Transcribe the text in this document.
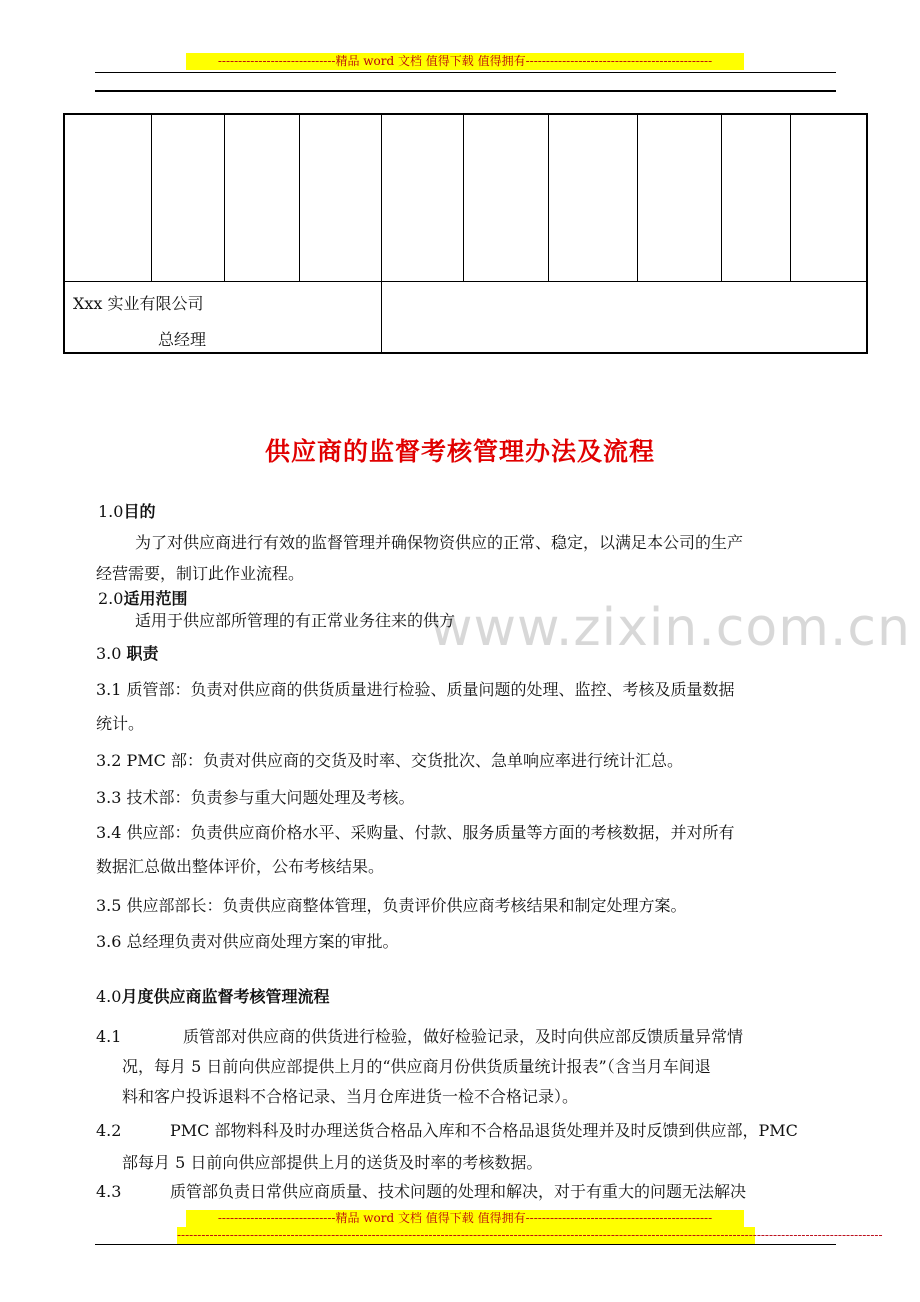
-----------------------------精品 word 文档 值得下载 值得拥有----------------------------------------------
Xxx 实业有限公司
总经理
www.zixin.com.cn
供应商的监督考核管理办法及流程
1.0目的
为了对供应商进行有效的监督管理并确保物资供应的正常、稳定，以满足本公司的生产
经营需要，制订此作业流程。
2.0适用范围
适用于供应部所管理的有正常业务往来的供方
3.0 职责
3.1 质管部：负责对供应商的供货质量进行检验、质量问题的处理、监控、考核及质量数据
统计。
3.2 PMC 部：负责对供应商的交货及时率、交货批次、急单响应率进行统计汇总。
3.3 技术部：负责参与重大问题处理及考核。
3.4 供应部：负责供应商价格水平、采购量、付款、服务质量等方面的考核数据，并对所有
数据汇总做出整体评价，公布考核结果。
3.5 供应部部长：负责供应商整体管理，负责评价供应商考核结果和制定处理方案。
3.6 总经理负责对供应商处理方案的审批。
4.0月度供应商监督考核管理流程
4.1	质管部对供应商的供货进行检验，做好检验记录，及时向供应部反馈质量异常情
况，每月 5 日前向供应部提供上月的“供应商月份供货质量统计报表”（含当月车间退
料和客户投诉退料不合格记录、当月仓库进货一检不合格记录）。
4.2	PMC 部物料科及时办理送货合格品入库和不合格品退货处理并及时反馈到供应部，PMC
部每月 5 日前向供应部提供上月的送货及时率的考核数据。
4.3	质管部负责日常供应商质量、技术问题的处理和解决，对于有重大的问题无法解决
-----------------------------精品 word 文档 值得下载 值得拥有----------------------------------------------
------------------------------------------------------------------------------------------------------------------------------------------------------------------------------
